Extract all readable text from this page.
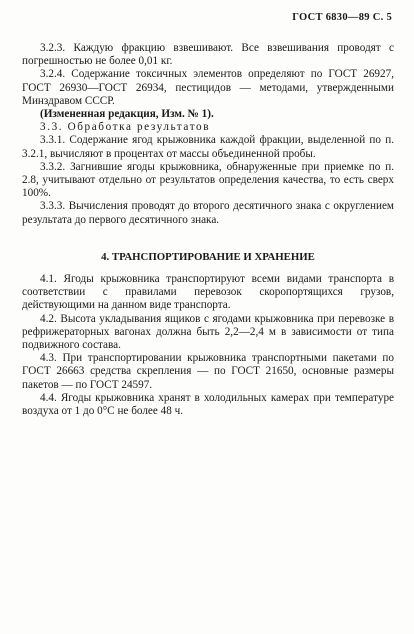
ГОСТ 6830—89 С. 5

3.2.3. Каждую фракцию взвешивают. Все взвешивания проводят с погрешностью не более 0,01 кг.

3.2.4. Содержание токсичных элементов определяют по ГОСТ 26927, ГОСТ 26930—ГОСТ 26934, пестицидов — методами, утвержденными Минздравом СССР.

(Измененная редакция, Изм. № 1).

3.3. Обработка результатов

3.3.1. Содержание ягод крыжовника каждой фракции, выделенной по п. 3.2.1, вычисляют в процентах от массы объединенной пробы.

3.3.2. Загнившие ягоды крыжовника, обнаруженные при приемке по п. 2.8, учитывают отдельно от результатов определения качества, то есть сверх 100%.

3.3.3. Вычисления проводят до второго десятичного знака с округлением результата до первого десятичного знака.

4. ТРАНСПОРТИРОВАНИЕ И ХРАНЕНИЕ

4.1. Ягоды крыжовника транспортируют всеми видами транспорта в соответствии с правилами перевозок скоропортящихся грузов, действующими на данном виде транспорта.

4.2. Высота укладывания ящиков с ягодами крыжовника при перевозке в рефрижераторных вагонах должна быть 2,2—2,4 м в зависимости от типа подвижного состава.

4.3. При транспортировании крыжовника транспортными пакетами по ГОСТ 26663 средства скрепления — по ГОСТ 21650, основные размеры пакетов — по ГОСТ 24597.

4.4. Ягоды крыжовника хранят в холодильных камерах при температуре воздуха от 1 до 0°С не более 48 ч.
